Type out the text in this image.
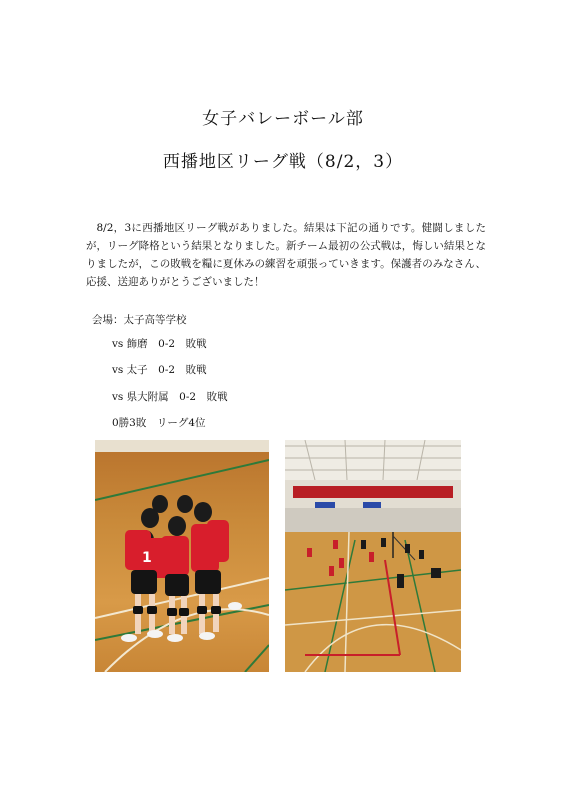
女子バレーボール部
西播地区リーグ戦（8/2，3）
8/2，3に西播地区リーグ戦がありました。結果は下記の通りです。健闘しましたが，リーグ降格という結果となりました。新チーム最初の公式戦は，悔しい結果となりましたが，この敗戦を糧に夏休みの練習を頑張っていきます。保護者のみなさん、応援、送迎ありがとうございました！
会場：太子高等学校
vs 飾磨　0-2　敗戦
vs 太子　0-2　敗戦
vs 県大附属　0-2　敗戦
0勝3敗　リーグ4位
1
